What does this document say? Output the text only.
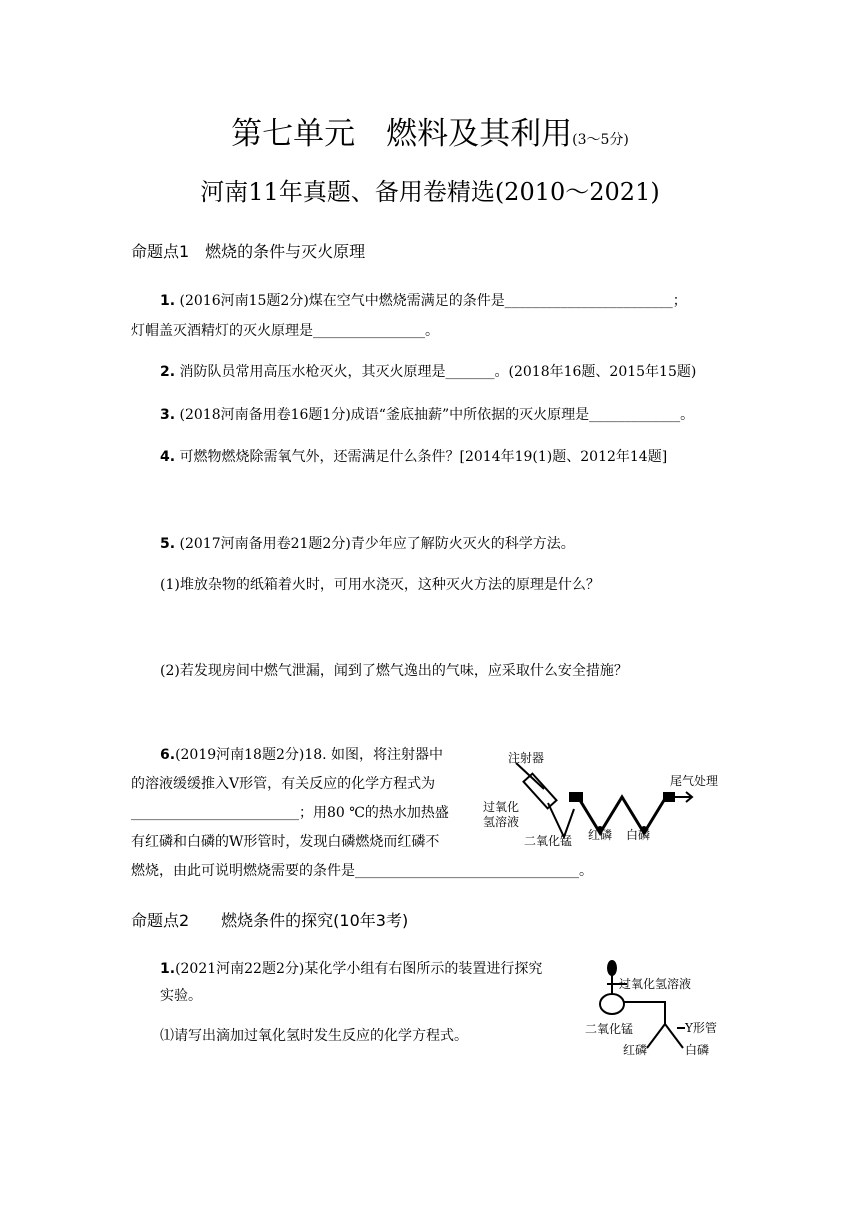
第七单元　燃料及其利用(3～5分)
河南11年真题、备用卷精选(2010～2021)
命题点1　燃烧的条件与灭火原理
1. (2016河南15题2分)煤在空气中燃烧需满足的条件是________________________；
灯帽盖灭酒精灯的灭火原理是________________。
2. 消防队员常用高压水枪灭火，其灭火原理是_______。(2018年16题、2015年15题)
3. (2018河南备用卷16题1分)成语“釜底抽薪”中所依据的灭火原理是_____________。
4. 可燃物燃烧除需氧气外，还需满足什么条件？[2014年19(1)题、2012年14题]
5. (2017河南备用卷21题2分)青少年应了解防火灭火的科学方法。
(1)堆放杂物的纸箱着火时，可用水浇灭，这种灭火方法的原理是什么？
(2)若发现房间中燃气泄漏，闻到了燃气逸出的气味，应采取什么安全措施？
6.(2019河南18题2分)18. 如图，将注射器中
的溶液缓缓推入V形管，有关反应的化学方程式为
________________________；用80 ℃的热水加热盛
有红磷和白磷的W形管时，发现白磷燃烧而红磷不
燃烧，由此可说明燃烧需要的条件是________________________________。
注射器
尾气处理
过氧化
氢溶液
二氧化锰 红磷 白磷
命题点2　　燃烧条件的探究(10年3考)
1.(2021河南22题2分)某化学小组有右图所示的装置进行探究
实验。
⑴请写出滴加过氧化氢时发生反应的化学方程式。
过氧化氢溶液
二氧化锰	Y形管
红磷	白磷
